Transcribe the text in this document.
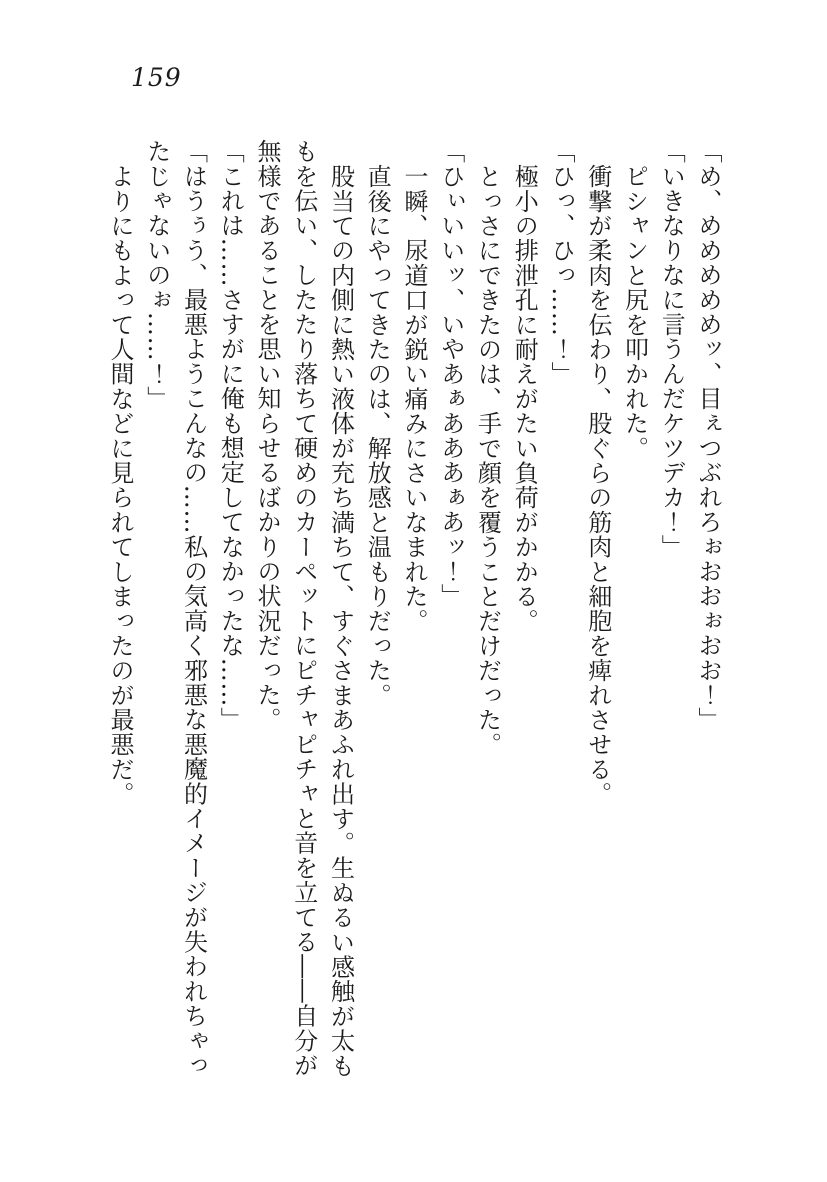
159
「め、めめめめめッ、目ぇつぶれろぉおおぉおお！」
「いきなりなに言うんだケツデカ！」
ピシャンと尻を叩かれた。
衝撃が柔肉を伝わり、股ぐらの筋肉と細胞を痺れさせる。
「ひっ、ひっ……！」
極小の排泄孔に耐えがたい負荷がかかる。
とっさにできたのは、手で顔を覆うことだけだった。
「ひぃいいッ、いやあぁあああぁあッ！」
一瞬、尿道口が鋭い痛みにさいなまれた。
直後にやってきたのは、解放感と温もりだった。
股当ての内側に熱い液体が充ち満ちて、すぐさまあふれ出す。生ぬるい感触が太も
もを伝い、したたり落ちて硬めのカーペットにピチャピチャと音を立てる――自分が
無様であることを思い知らせるばかりの状況だった。
「これは……さすがに俺も想定してなかったな……」
「はうぅう、最悪ようこんなの……私の気高く邪悪な悪魔的イメージが失われちゃっ
たじゃないのぉ……！」
よりにもよって人間などに見られてしまったのが最悪だ。
